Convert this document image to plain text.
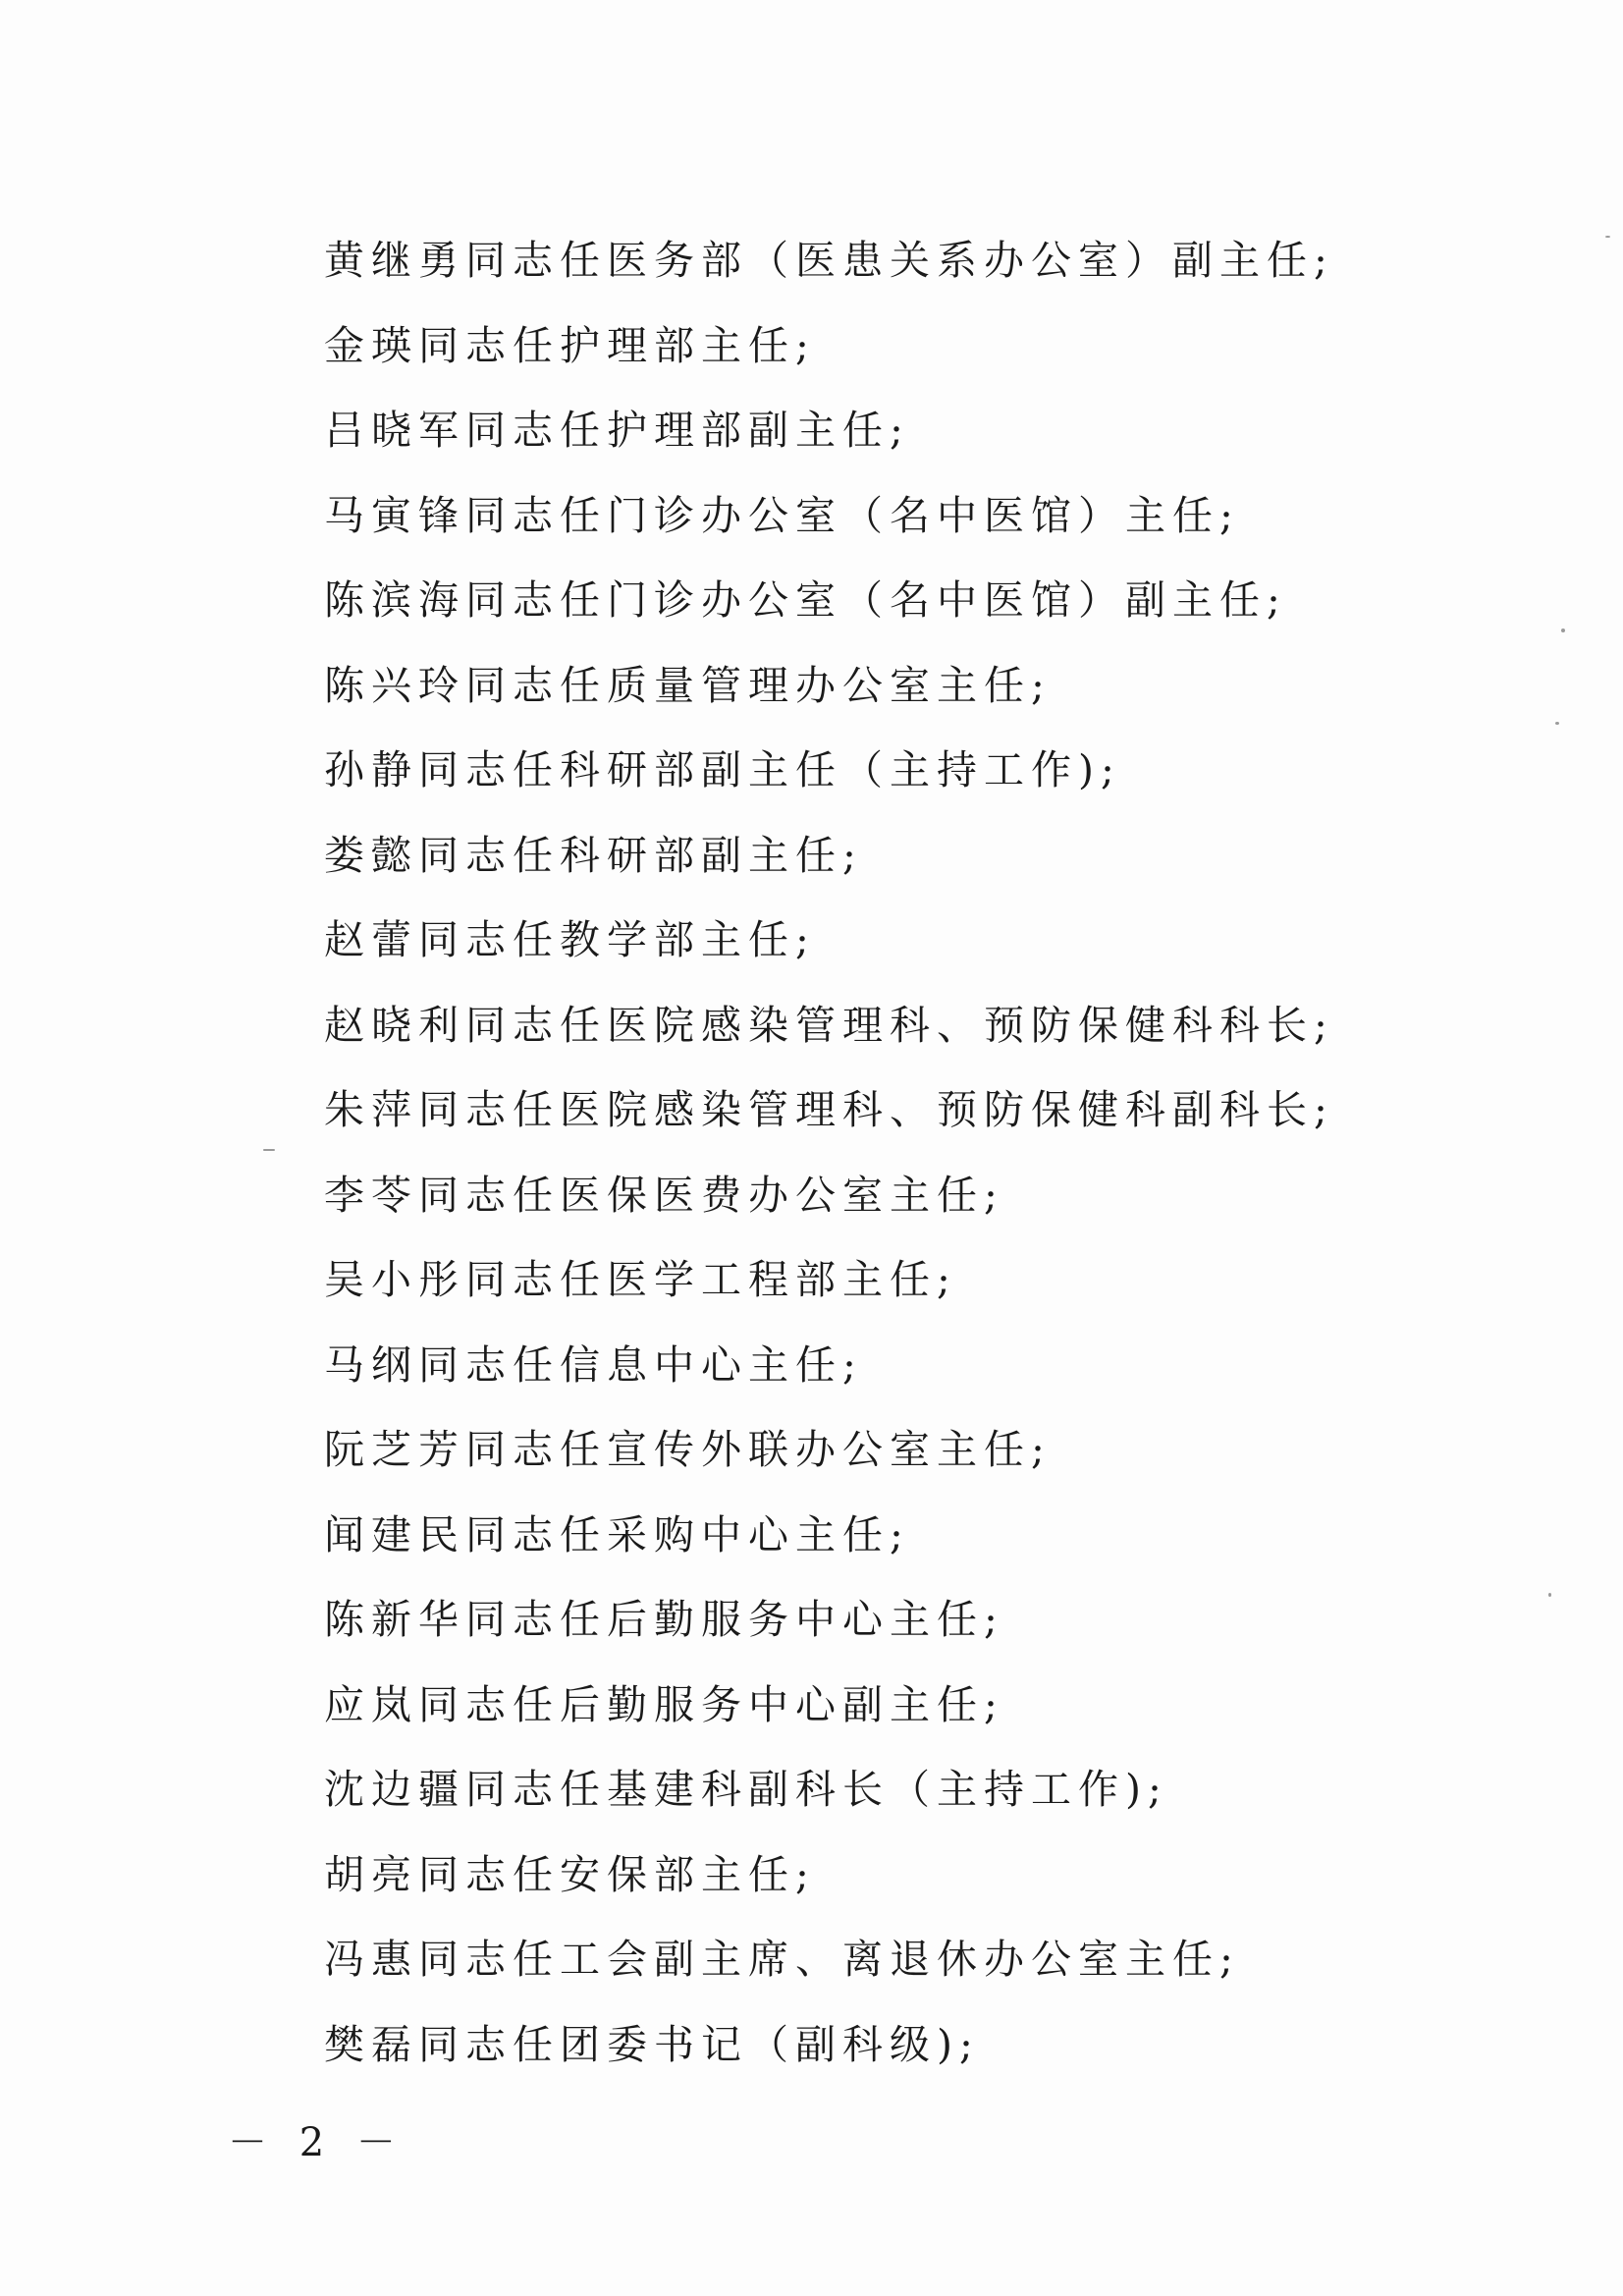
黄继勇同志任医务部（医患关系办公室）副主任;
金瑛同志任护理部主任;
吕晓军同志任护理部副主任;
马寅锋同志任门诊办公室（名中医馆）主任;
陈滨海同志任门诊办公室（名中医馆）副主任;
陈兴玲同志任质量管理办公室主任;
孙静同志任科研部副主任（主持工作);
娄懿同志任科研部副主任;
赵蕾同志任教学部主任;
赵晓利同志任医院感染管理科、预防保健科科长;
朱萍同志任医院感染管理科、预防保健科副科长;
李苓同志任医保医费办公室主任;
吴小彤同志任医学工程部主任;
马纲同志任信息中心主任;
阮芝芳同志任宣传外联办公室主任;
闻建民同志任采购中心主任;
陈新华同志任后勤服务中心主任;
应岚同志任后勤服务中心副主任;
沈边疆同志任基建科副科长（主持工作);
胡亮同志任安保部主任;
冯惠同志任工会副主席、离退休办公室主任;
樊磊同志任团委书记（副科级);
－ 2 －
